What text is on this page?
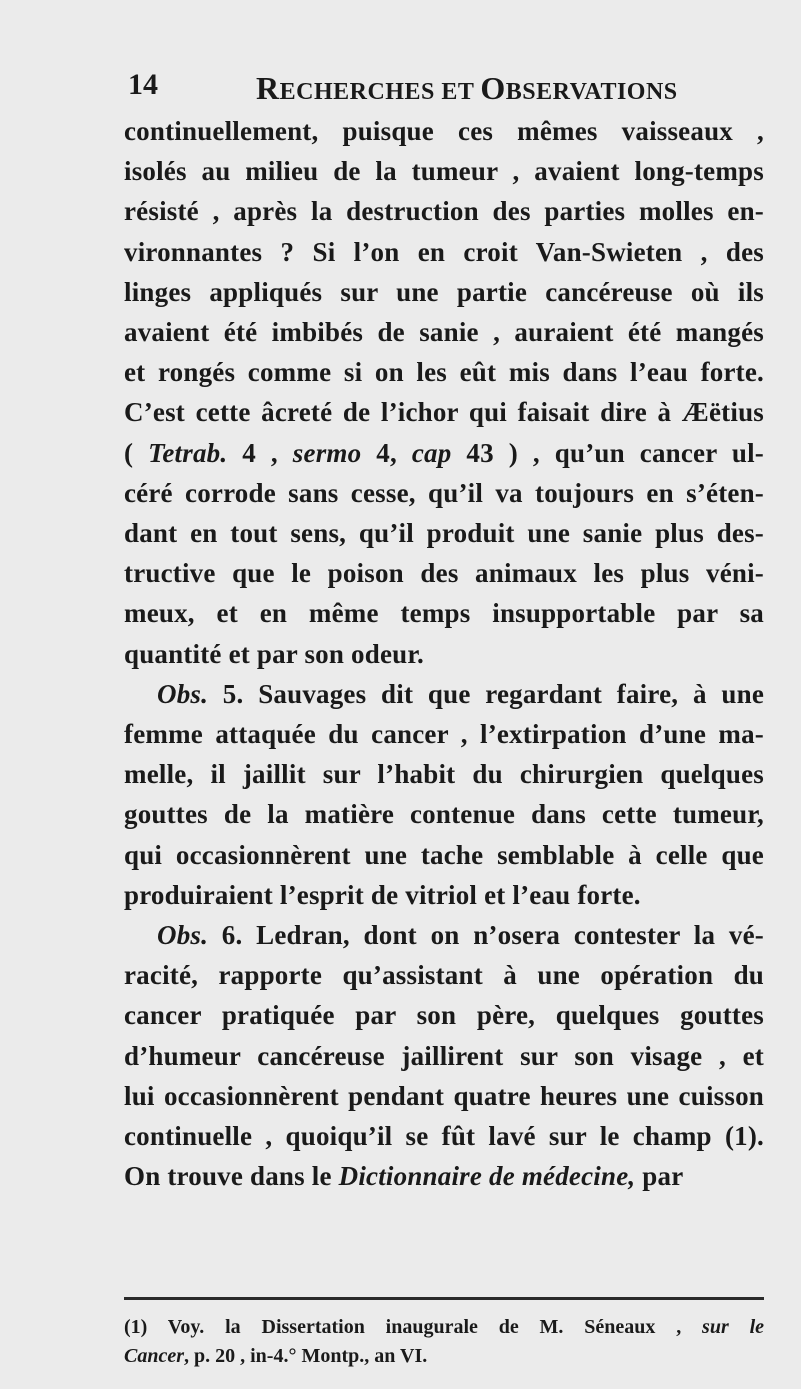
14	RECHERCHES ET OBSERVATIONS
continuellement, puisque ces mêmes vaisseaux ,
isolés au milieu de la tumeur , avaient long-temps
résisté , après la destruction des parties molles en-
vironnantes ? Si l’on en croit Van-Swieten , des
linges appliqués sur une partie cancéreuse où ils
avaient été imbibés de sanie , auraient été mangés
et rongés comme si on les eût mis dans l’eau forte.
C’est cette âcreté de l’ichor qui faisait dire à Æëtius
( Tetrab. 4 , sermo 4, cap 43 ) , qu’un cancer ul-
céré corrode sans cesse, qu’il va toujours en s’éten-
dant en tout sens, qu’il produit une sanie plus des-
tructive que le poison des animaux les plus véni-
meux, et en même temps insupportable par sa
quantité et par son odeur.
Obs. 5. Sauvages dit que regardant faire, à une
femme attaquée du cancer , l’extirpation d’une ma-
melle, il jaillit sur l’habit du chirurgien quelques
gouttes de la matière contenue dans cette tumeur,
qui occasionnèrent une tache semblable à celle que
produiraient l’esprit de vitriol et l’eau forte.
Obs. 6. Ledran, dont on n’osera contester la vé-
racité, rapporte qu’assistant à une opération du
cancer pratiquée par son père, quelques gouttes
d’humeur cancéreuse jaillirent sur son visage , et
lui occasionnèrent pendant quatre heures une cuisson
continuelle , quoiqu’il se fût lavé sur le champ (1).
On trouve dans le Dictionnaire de médecine, par
(1) Voy. la Dissertation inaugurale de M. Séneaux , sur le
Cancer, p. 20 , in-4.° Montp., an VI.
